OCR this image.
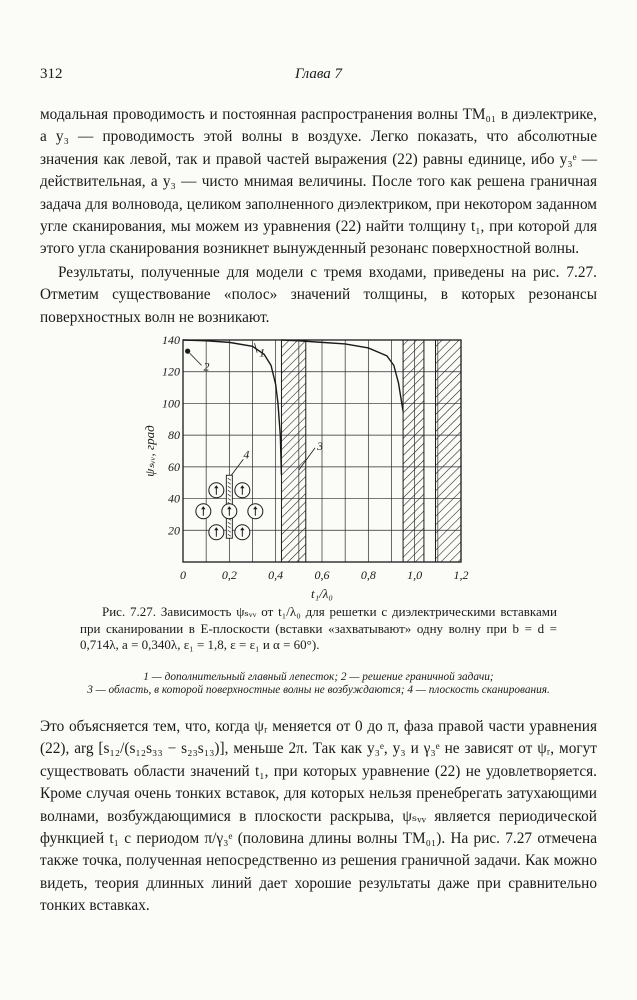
312	Глава 7

модальная проводимость и постоянная распространения волны TM₀₁ в диэлектрике, а y₃ — проводимость этой волны в воздухе. Легко показать, что абсолютные значения как левой, так и правой частей выражения (22) равны единице, ибо y₃ᵉ — действительная, а y₃ — чисто мнимая величины. После того как решена граничная задача для волновода, целиком заполненного диэлектриком, при некотором заданном угле сканирования, мы можем из уравнения (22) найти толщину t₁, при которой для этого угла сканирования возникнет вынужденный резонанс поверхностной волны.

Результаты, полученные для модели с тремя входами, приведены на рис. 7.27. Отметим существование «полос» значений толщины, в которых резонансы поверхностных волн не возникают.

4
0	0,2	0,4	0,6	0,8	1,0	1,2
20
40
60
80
100
120
140
t₁/λ₀
ψₛᵥᵥ, град
1
2
3

Рис. 7.27. Зависимость ψₛᵥᵥ от t₁/λ₀ для решетки с диэлектрическими вставками при сканировании в E-плоскости (вставки «захватывают» одну волну при b = d = 0,714λ, a = 0,340λ, ε₁ = 1,8, ε = ε₁ и α = 60°).

1 — дополнительный главный лепесток; 2 — решение граничной задачи;

3 — область, в которой поверхностные волны не возбуждаются; 4 — плоскость сканирования.

Это объясняется тем, что, когда ψᵣ меняется от 0 до π, фаза правой части уравнения (22), arg [s₁₂/(s₁₂s₃₃ − s₂₃s₁₃)], меньше 2π. Так как y₃ᵉ, y₃ и γ₃ᵉ не зависят от ψᵣ, могут существовать области значений t₁, при которых уравнение (22) не удовлетворяется. Кроме случая очень тонких вставок, для которых нельзя пренебрегать затухающими волнами, возбуждающимися в плоскости раскрыва, ψₛᵥᵥ является периодической функцией t₁ с периодом π/γ₃ᵉ (половина длины волны TM₀₁). На рис. 7.27 отмечена также точка, полученная непосредственно из решения граничной задачи. Как можно видеть, теория длинных линий дает хорошие результаты даже при сравнительно тонких вставках.
